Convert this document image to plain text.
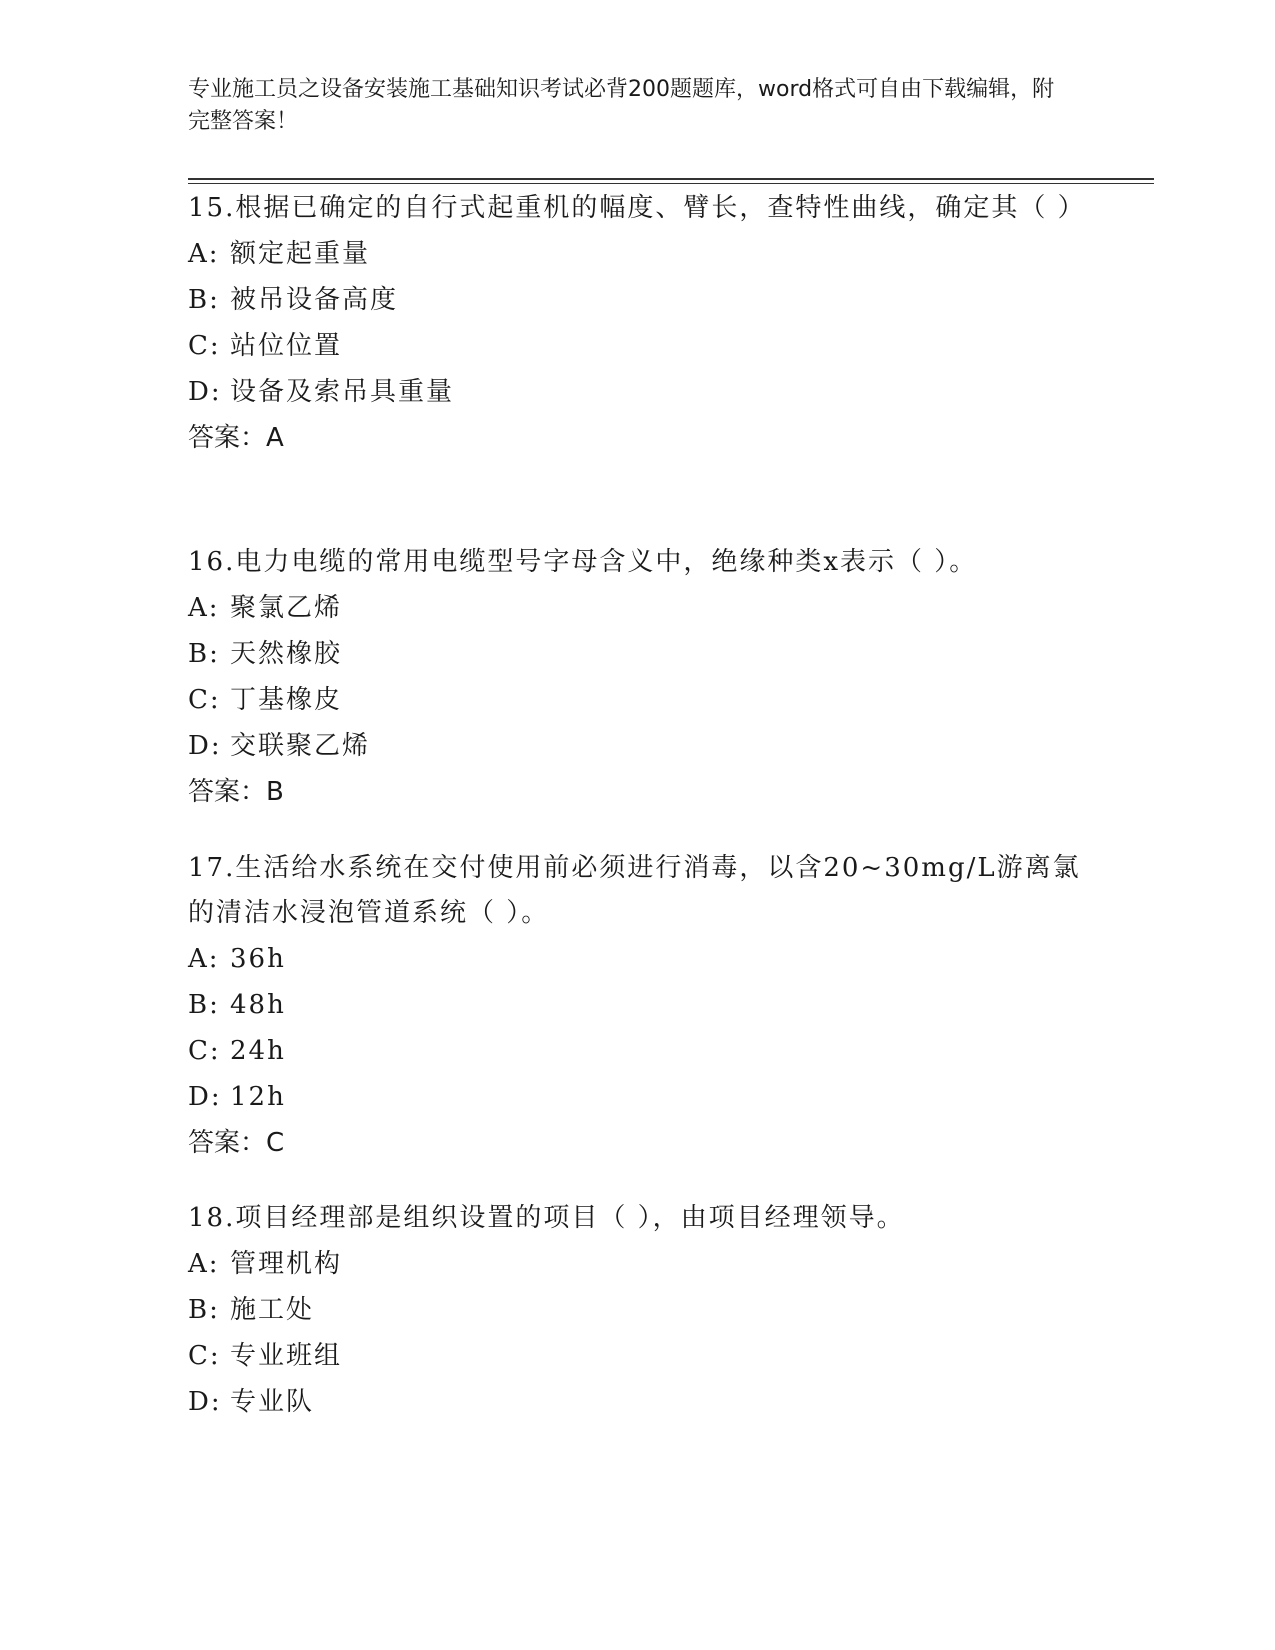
专业施工员之设备安装施工基础知识考试必背200题题库，word格式可自由下载编辑，附完整答案！

15.根据已确定的自行式起重机的幅度、臂长，查特性曲线，确定其（ ）

A: 额定起重量

B: 被吊设备高度

C: 站位位置

D: 设备及索吊具重量

答案：A

16.电力电缆的常用电缆型号字母含义中，绝缘种类x表示（ ）。

A: 聚氯乙烯

B: 天然橡胶

C: 丁基橡皮

D: 交联聚乙烯

答案：B

17.生活给水系统在交付使用前必须进行消毒，以含20~30mg/L游离氯的清洁水浸泡管道系统（ ）。

A: 36h

B: 48h

C: 24h

D: 12h

答案：C

18.项目经理部是组织设置的项目（ ），由项目经理领导。

A: 管理机构

B: 施工处

C: 专业班组

D: 专业队
